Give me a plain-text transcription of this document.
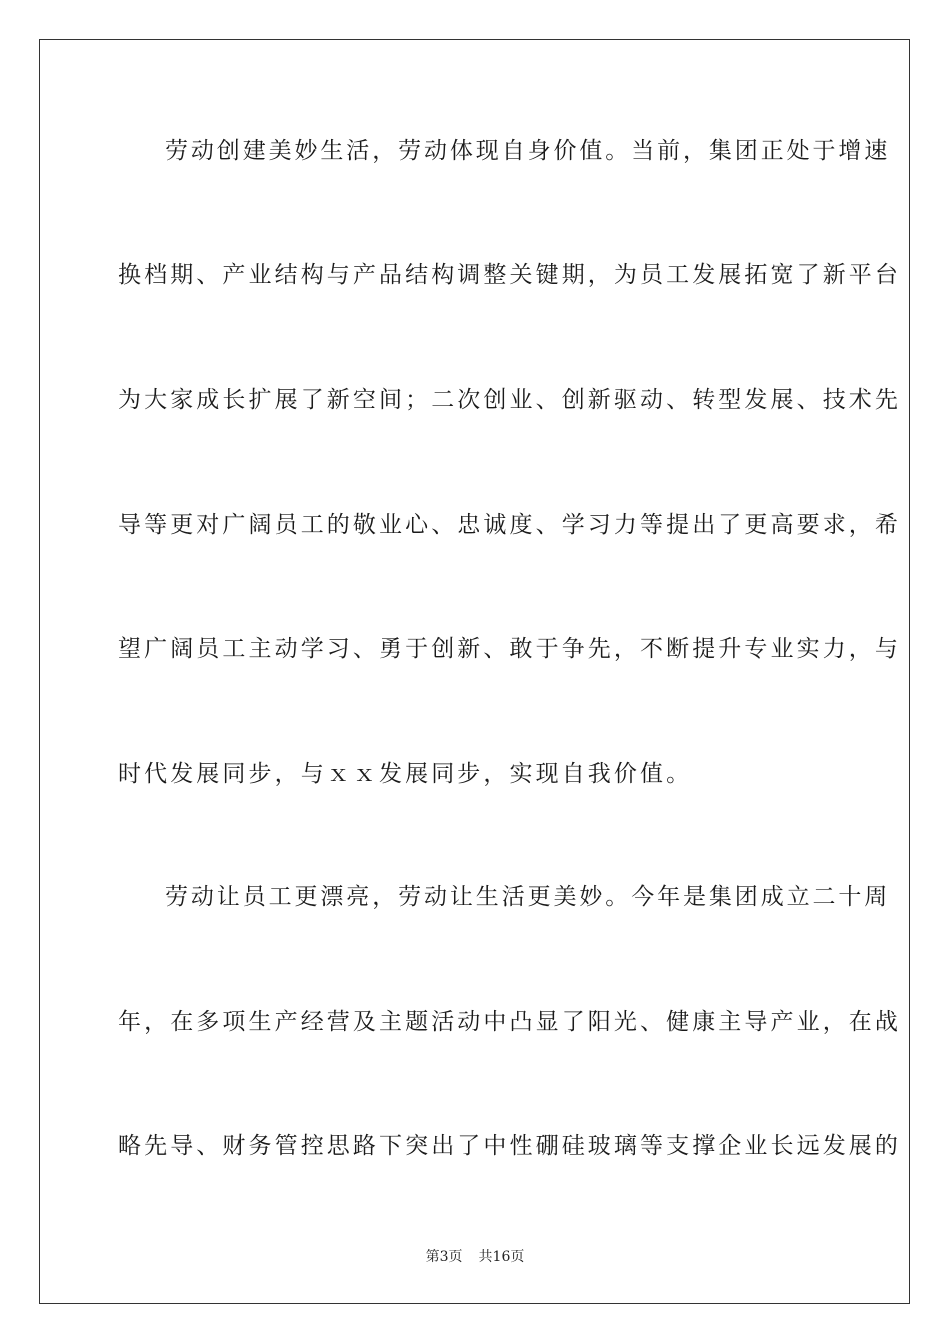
劳动创建美妙生活，劳动体现自身价值。当前，集团正处于增速
换档期、产业结构与产品结构调整关键期，为员工发展拓宽了新平台
为大家成长扩展了新空间；二次创业、创新驱动、转型发展、技术先
导等更对广阔员工的敬业心、忠诚度、学习力等提出了更高要求，希
望广阔员工主动学习、勇于创新、敢于争先，不断提升专业实力，与
时代发展同步，与ｘｘ发展同步，实现自我价值。
劳动让员工更漂亮，劳动让生活更美妙。今年是集团成立二十周
年，在多项生产经营及主题活动中凸显了阳光、健康主导产业，在战
略先导、财务管控思路下突出了中性硼硅玻璃等支撑企业长远发展的
第3页 共16页
